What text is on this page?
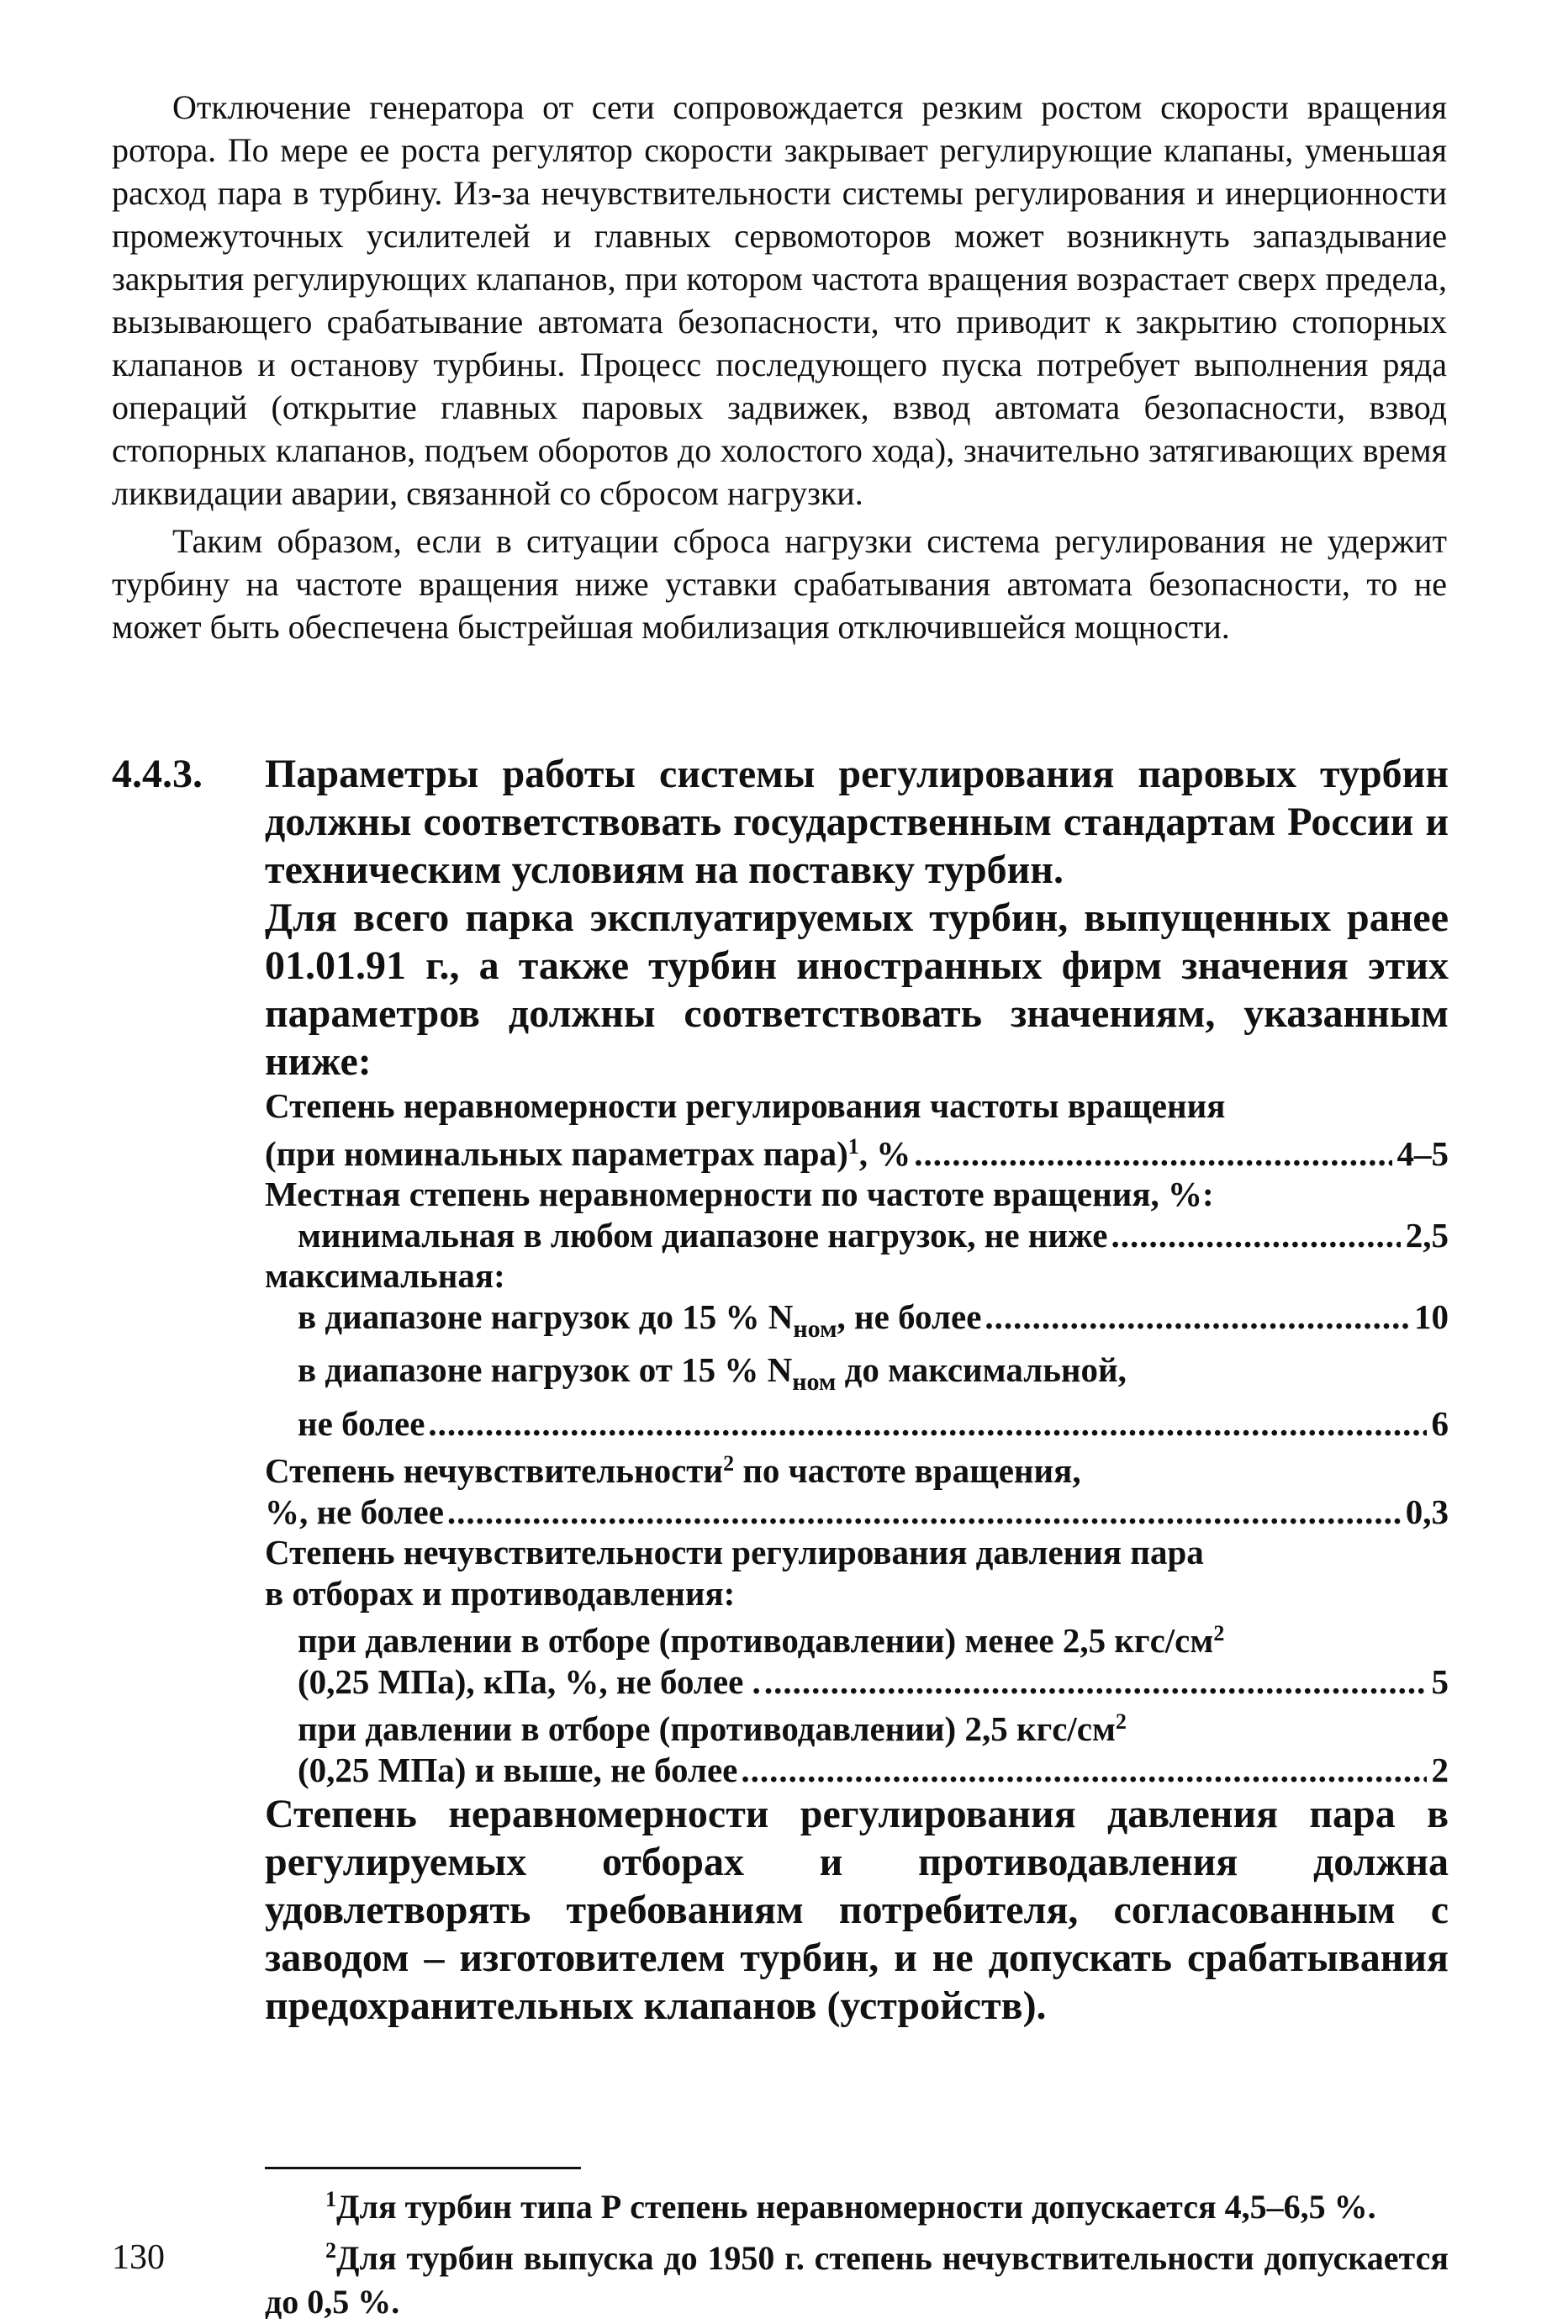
Отключение генератора от сети сопровождается резким ростом скорости вращения ротора. По мере ее роста регулятор скорости закрывает регулирующие клапаны, уменьшая расход пара в турбину. Из-за нечувствительности системы регулирования и инерционности промежуточных усилителей и главных сервомоторов может возникнуть запаздывание закрытия регулирующих клапанов, при котором частота вращения возрастает сверх предела, вызывающего срабатывание автомата безопасности, что приводит к закрытию стопорных клапанов и останову турбины. Процесс последующего пуска потребует выполнения ряда операций (открытие главных паровых задвижек, взвод автомата безопасности, взвод стопорных клапанов, подъем оборотов до холостого хода), значительно затягивающих время ликвидации аварии, связанной со сбросом нагрузки.

Таким образом, если в ситуации сброса нагрузки система регулирования не удержит турбину на частоте вращения ниже уставки срабатывания автомата безопасности, то не может быть обеспечена быстрейшая мобилизация отключившейся мощности.

4.4.3. Параметры работы системы регулирования паровых турбин должны соответствовать государственным стандартам России и техническим условиям на поставку турбин.

Для всего парка эксплуатируемых турбин, выпущенных ранее 01.01.91 г., а также турбин иностранных фирм значения этих параметров должны соответствовать значениям, указанным ниже:

Степень неравномерности регулирования частоты вращения
(при номинальных параметрах пара)$^1$, % .....	4–5
Местная степень неравномерности по частоте вращения, %:
минимальная в любом диапазоне нагрузок, не ниже .....	2,5
максимальная:
в диапазоне нагрузок до 15 % $N_{ном}$, не более .....	10
в диапазоне нагрузок от 15 % $N_{ном}$ до максимальной,
не более .....	6
Степень нечувствительности$^2$ по частоте вращения,
%, не более .....	0,3
Степень нечувствительности регулирования давления пара
в отборах и противодавления:
при давлении в отборе (противодавлении) менее 2,5 кгс/$см^2$
(0,25 МПа), кПа, %, не более . .....	5
при давлении в отборе (противодавлении) 2,5 кгс/$см^2$
(0,25 МПа) и выше, не более .....	2

Степень неравномерности регулирования давления пара в регулируемых отборах и противодавления должна удовлетворять требованиям потребителя, согласованным с заводом – изготовителем турбин, и не допускать срабатывания предохранительных клапанов (устройств).

$^1$Для турбин типа Р степень неравномерности допускается 4,5–6,5 %.

$^2$Для турбин выпуска до 1950 г. степень нечувствительности допускается до 0,5 %.

130
